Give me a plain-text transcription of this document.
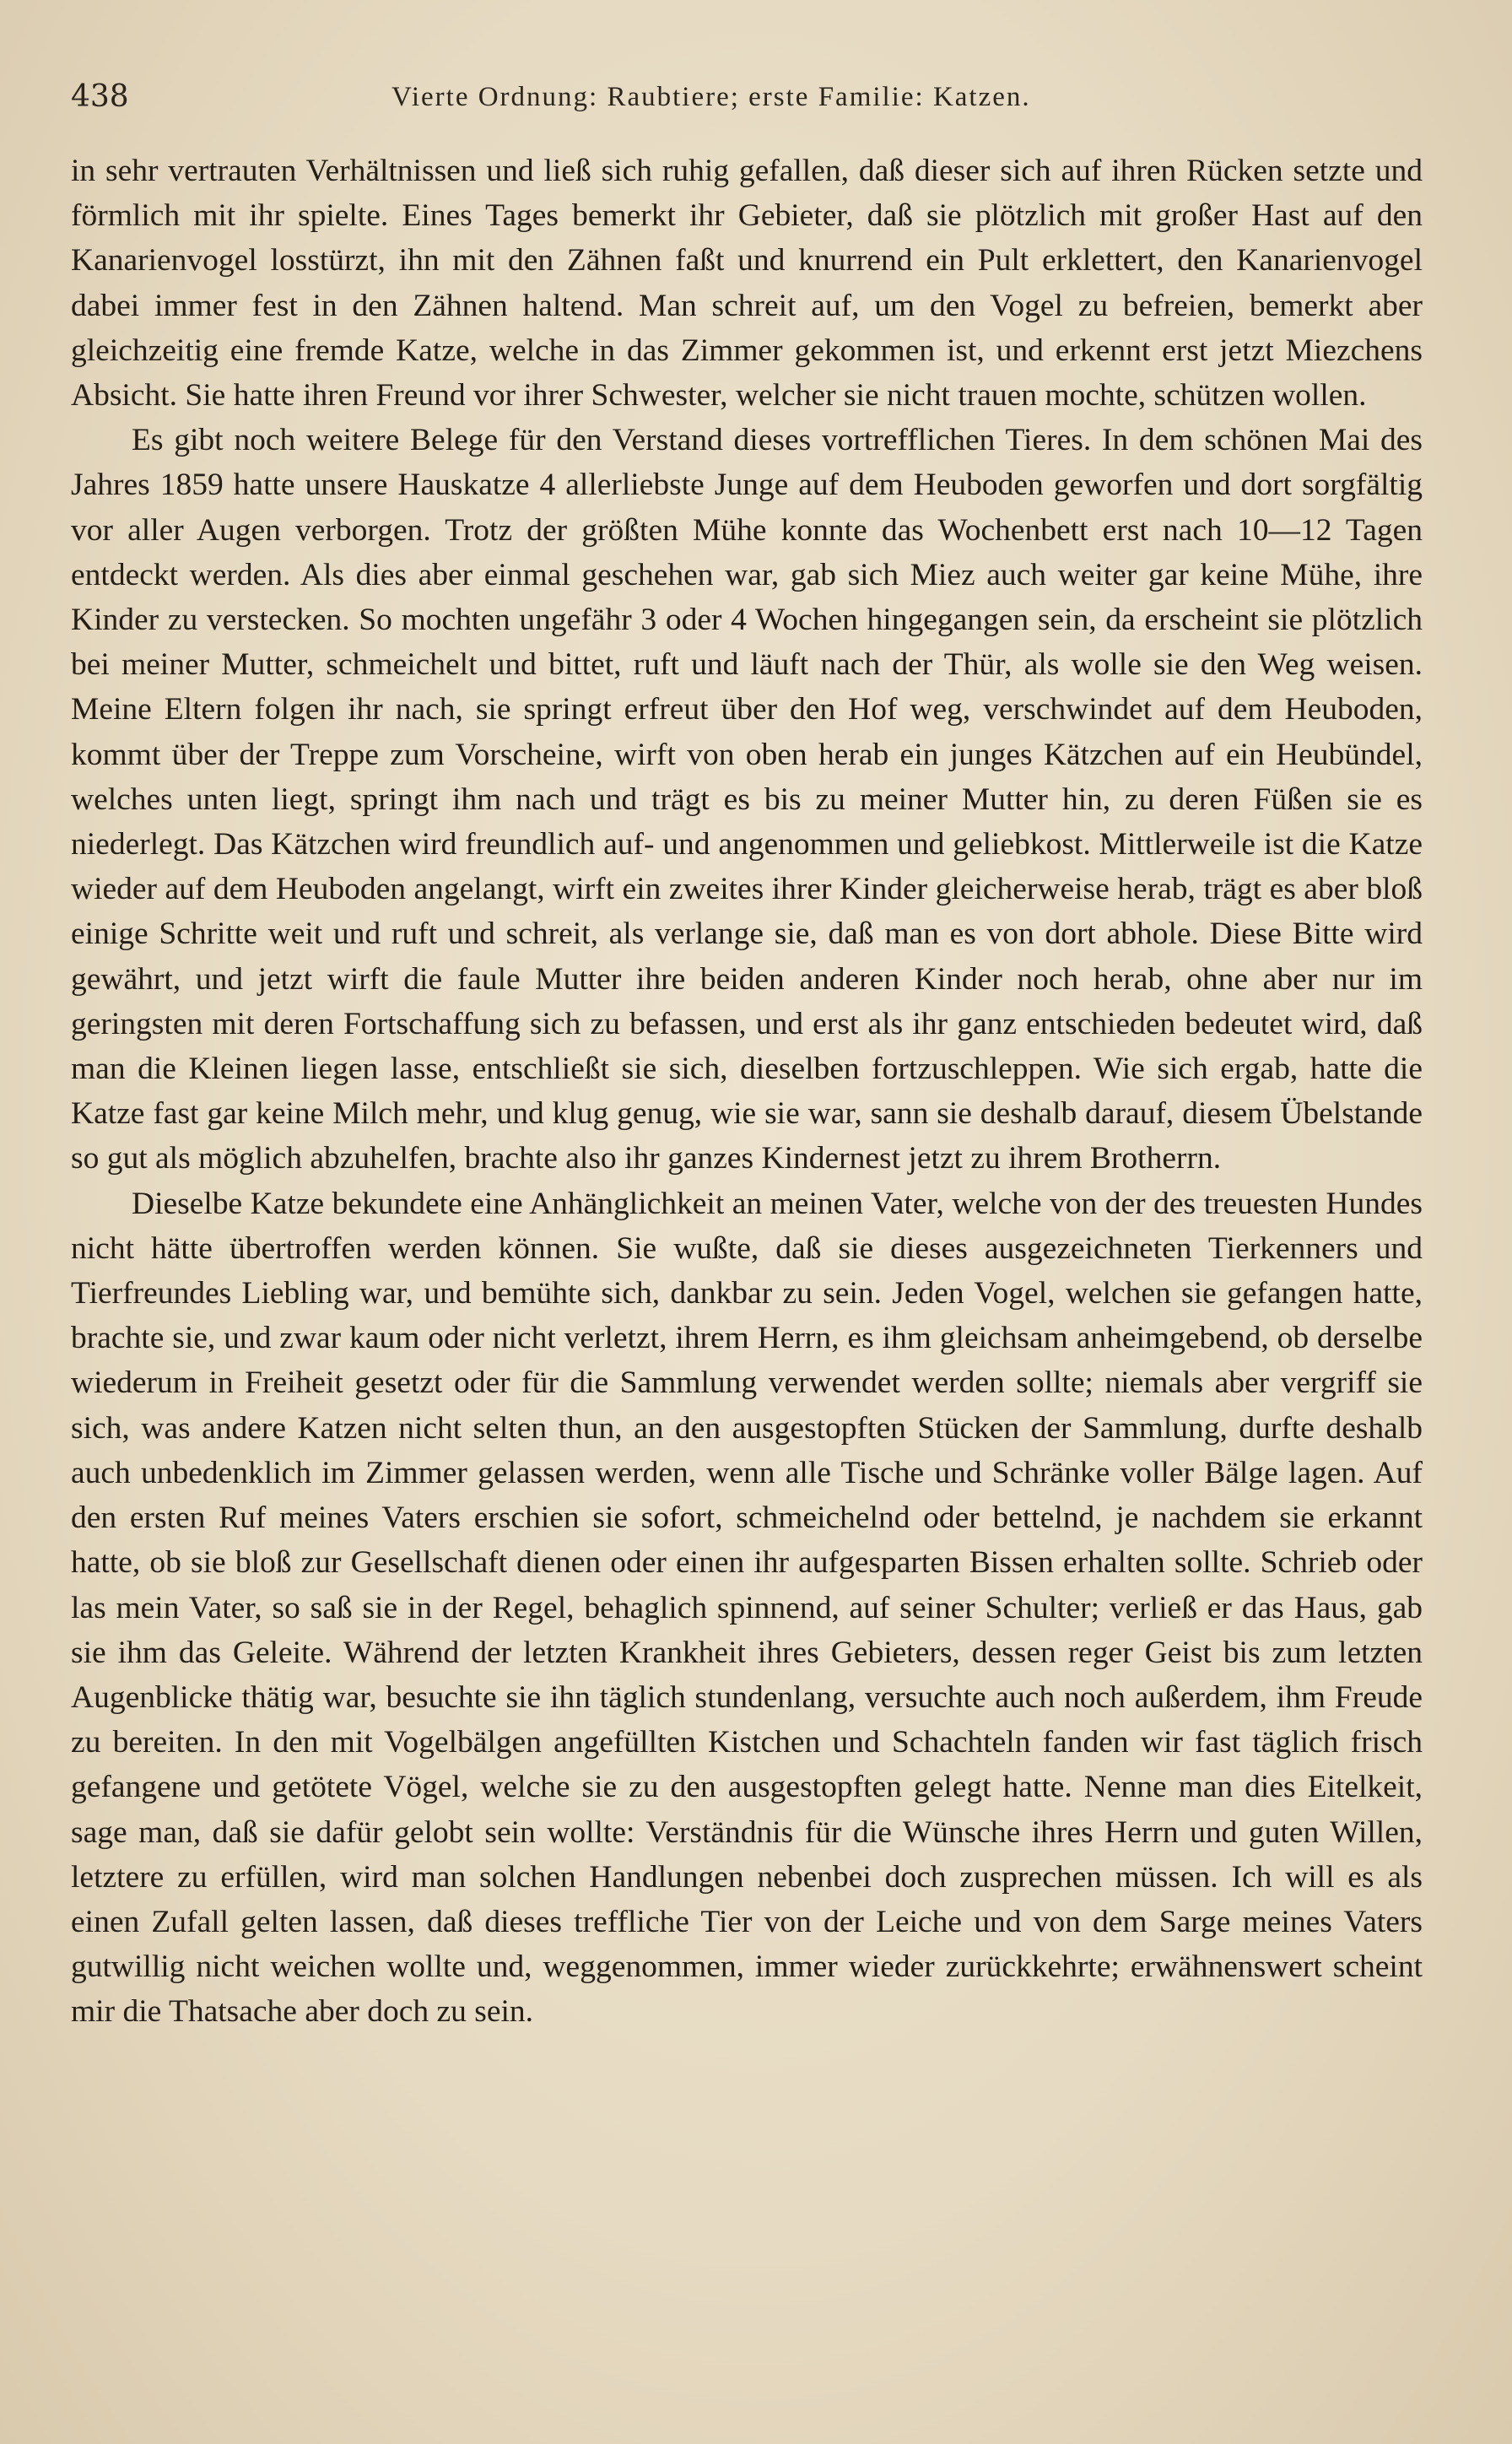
438	Vierte Ordnung: Raubtiere; erste Familie: Katzen.

in sehr vertrauten Verhältnissen und ließ sich ruhig gefallen, daß dieser sich auf ihren Rücken setzte und förmlich mit ihr spielte. Eines Tages bemerkt ihr Gebieter, daß sie plötzlich mit großer Hast auf den Kanarienvogel losstürzt, ihn mit den Zähnen faßt und knurrend ein Pult erklettert, den Kanarienvogel dabei immer fest in den Zähnen haltend. Man schreit auf, um den Vogel zu befreien, bemerkt aber gleichzeitig eine fremde Katze, welche in das Zimmer gekommen ist, und erkennt erst jetzt Miezchens Absicht. Sie hatte ihren Freund vor ihrer Schwester, welcher sie nicht trauen mochte, schützen wollen.

Es gibt noch weitere Belege für den Verstand dieses vortrefflichen Tieres. In dem schönen Mai des Jahres 1859 hatte unsere Hauskatze 4 allerliebste Junge auf dem Heuboden geworfen und dort sorgfältig vor aller Augen verborgen. Trotz der größten Mühe konnte das Wochenbett erst nach 10—12 Tagen entdeckt werden. Als dies aber einmal geschehen war, gab sich Miez auch weiter gar keine Mühe, ihre Kinder zu verstecken. So mochten ungefähr 3 oder 4 Wochen hingegangen sein, da erscheint sie plötzlich bei meiner Mutter, schmeichelt und bittet, ruft und läuft nach der Thür, als wolle sie den Weg weisen. Meine Eltern folgen ihr nach, sie springt erfreut über den Hof weg, verschwindet auf dem Heuboden, kommt über der Treppe zum Vorscheine, wirft von oben herab ein junges Kätzchen auf ein Heubündel, welches unten liegt, springt ihm nach und trägt es bis zu meiner Mutter hin, zu deren Füßen sie es niederlegt. Das Kätzchen wird freundlich auf- und angenommen und geliebkost. Mittlerweile ist die Katze wieder auf dem Heuboden angelangt, wirft ein zweites ihrer Kinder gleicherweise herab, trägt es aber bloß einige Schritte weit und ruft und schreit, als verlange sie, daß man es von dort abhole. Diese Bitte wird gewährt, und jetzt wirft die faule Mutter ihre beiden anderen Kinder noch herab, ohne aber nur im geringsten mit deren Fortschaffung sich zu befassen, und erst als ihr ganz entschieden bedeutet wird, daß man die Kleinen liegen lasse, entschließt sie sich, dieselben fortzuschleppen. Wie sich ergab, hatte die Katze fast gar keine Milch mehr, und klug genug, wie sie war, sann sie deshalb darauf, diesem Übelstande so gut als möglich abzuhelfen, brachte also ihr ganzes Kindernest jetzt zu ihrem Brotherrn.

Dieselbe Katze bekundete eine Anhänglichkeit an meinen Vater, welche von der des treuesten Hundes nicht hätte übertroffen werden können. Sie wußte, daß sie dieses ausgezeichneten Tierkenners und Tierfreundes Liebling war, und bemühte sich, dankbar zu sein. Jeden Vogel, welchen sie gefangen hatte, brachte sie, und zwar kaum oder nicht verletzt, ihrem Herrn, es ihm gleichsam anheimgebend, ob derselbe wiederum in Freiheit gesetzt oder für die Sammlung verwendet werden sollte; niemals aber vergriff sie sich, was andere Katzen nicht selten thun, an den ausgestopften Stücken der Sammlung, durfte deshalb auch unbedenklich im Zimmer gelassen werden, wenn alle Tische und Schränke voller Bälge lagen. Auf den ersten Ruf meines Vaters erschien sie sofort, schmeichelnd oder bettelnd, je nachdem sie erkannt hatte, ob sie bloß zur Gesellschaft dienen oder einen ihr aufgesparten Bissen erhalten sollte. Schrieb oder las mein Vater, so saß sie in der Regel, behaglich spinnend, auf seiner Schulter; verließ er das Haus, gab sie ihm das Geleite. Während der letzten Krankheit ihres Gebieters, dessen reger Geist bis zum letzten Augenblicke thätig war, besuchte sie ihn täglich stundenlang, versuchte auch noch außerdem, ihm Freude zu bereiten. In den mit Vogelbälgen angefüllten Kistchen und Schachteln fanden wir fast täglich frisch gefangene und getötete Vögel, welche sie zu den ausgestopften gelegt hatte. Nenne man dies Eitelkeit, sage man, daß sie dafür gelobt sein wollte: Verständnis für die Wünsche ihres Herrn und guten Willen, letztere zu erfüllen, wird man solchen Handlungen nebenbei doch zusprechen müssen. Ich will es als einen Zufall gelten lassen, daß dieses treffliche Tier von der Leiche und von dem Sarge meines Vaters gutwillig nicht weichen wollte und, weggenommen, immer wieder zurückkehrte; erwähnenswert scheint mir die Thatsache aber doch zu sein.
